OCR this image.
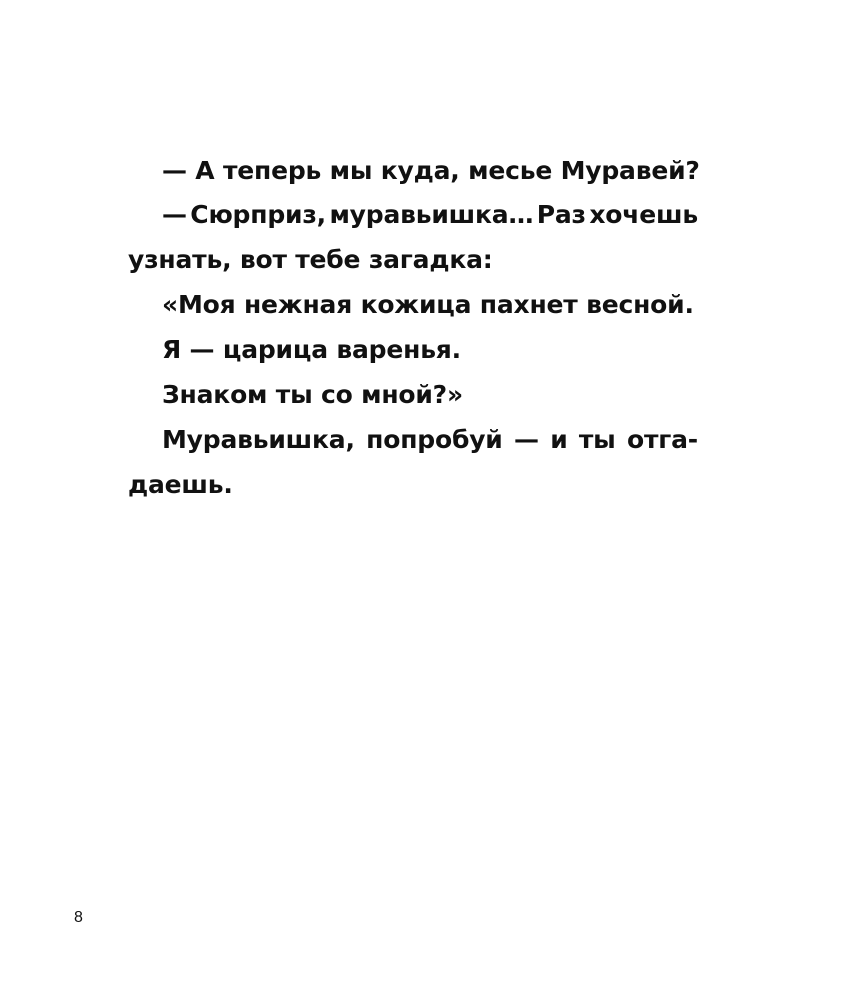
— А теперь мы куда, месье Муравей?
— Сюрприз, муравьишка… Раз хочешь
узнать, вот тебе загадка:
«Моя нежная кожица пахнет весной.
Я — царица варенья.
Знаком ты со мной?»
Муравьишка, попробуй — и ты отга-
даешь.
8
